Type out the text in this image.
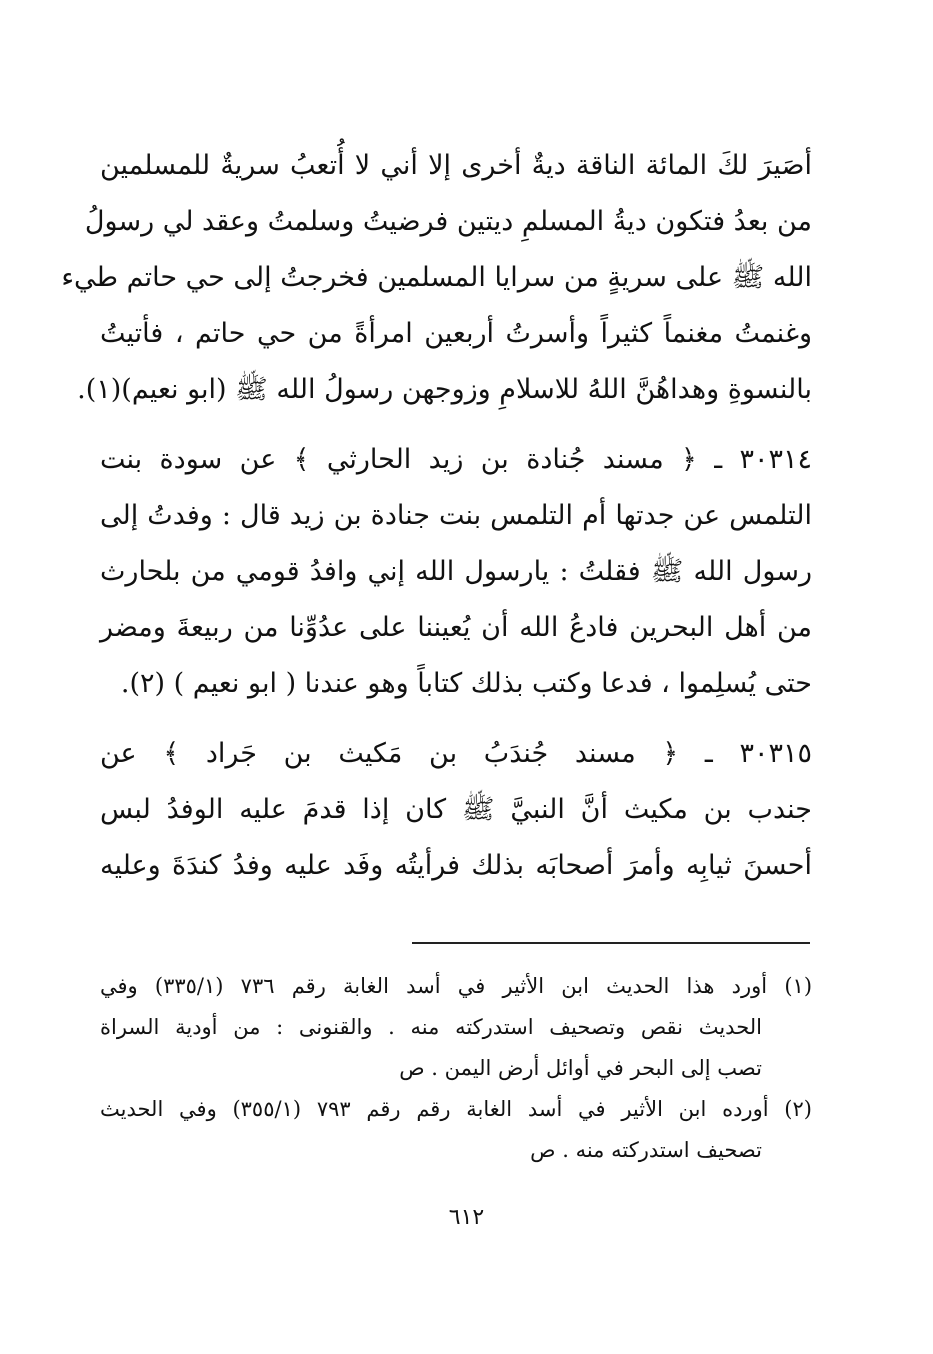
أصَيرَ لكَ المائة الناقة ديةٌ أخرى إلا أني لا أُتعبُ سريةٌ للمسلمين
من بعدُ فتكون ديةُ المسلمِ ديتين فرضيتُ وسلمتُ وعقد لي رسولُ
الله ﷺ على سريةٍ من سرايا المسلمين فخرجتُ إلى حي حاتم طيء
وغنمتُ مغنماً كثيراً وأسرتُ أربعين امرأةً من حي حاتم ، فأتيتُ
بالنسوةِ وهداهُنَّ اللهُ للاسلامِ وزوجهن رسولُ الله ﷺ (ابو نعيم)(١).
٣٠٣١٤ ـ ﴿ مسند جُنادة بن زيد الحارثي ﴾ عن سودة بنت
التلمس عن جدتها أم التلمس بنت جنادة بن زيد قال : وفدتُ إلى
رسول الله ﷺ فقلتُ : يارسول الله إني وافدُ قومي من بلحارث
من أهل البحرين فادعُ الله أن يُعيننا على عدُوِّنا من ربيعةَ ومضر
حتى يُسلِموا ، فدعا وكتب بذلك كتاباً وهو عندنا ( ابو نعيم ) (٢).
٣٠٣١٥ ـ ﴿ مسند جُندَبُ بن مَكيث بن جَراد ﴾ عن
جندب بن مكيث أنَّ النبيَّ ﷺ كان إذا قدمَ عليه الوفدُ لبس
أحسنَ ثيابِه وأمرَ أصحابَه بذلك فرأيتُه وفَد عليه وفدُ كندَةَ وعليه
(١) أورد هذا الحديث ابن الأثير في أسد الغابة رقم ٧٣٦ (٣٣٥/١) وفي
الحديث نقص وتصحيف استدركته منه . والقنونى : من أودية السراة
تصب إلى البحر في أوائل أرض اليمن . ص
(٢) أورده ابن الأثير في أسد الغابة رقم رقم ٧٩٣ (٣٥٥/١) وفي الحديث
تصحيف استدركته منه . ص
٦١٢
